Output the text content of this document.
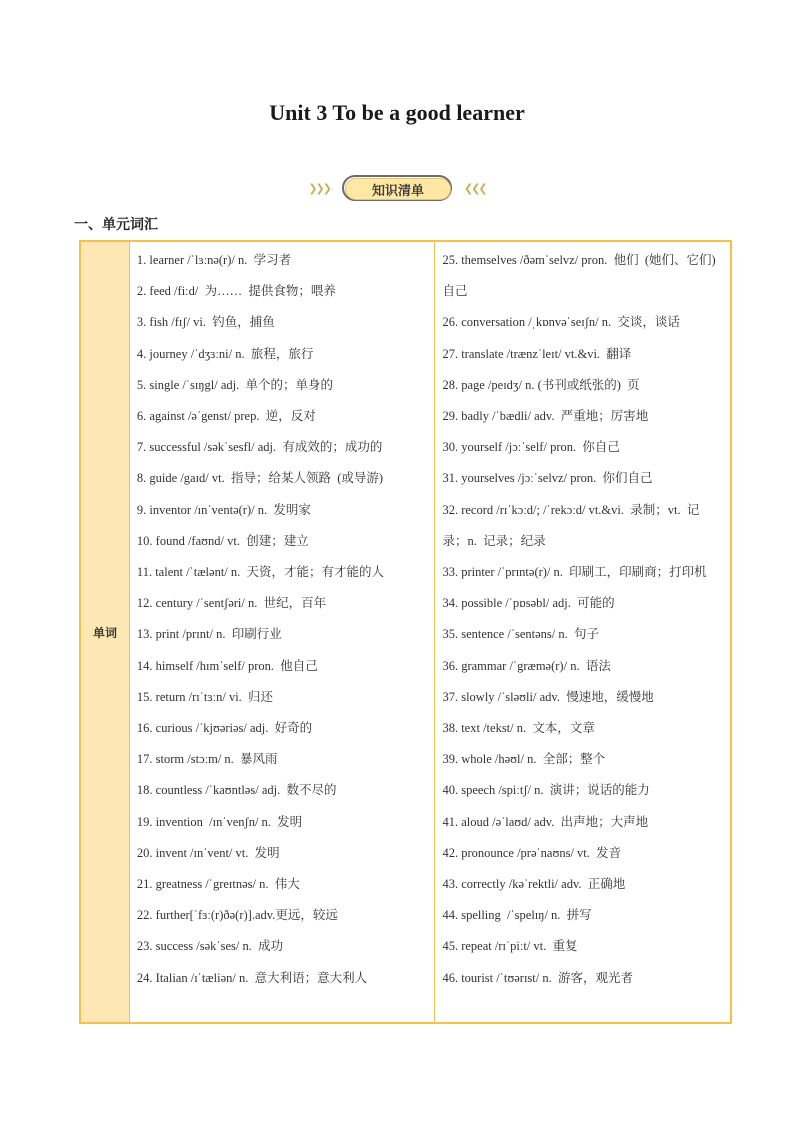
Unit 3 To be a good learner
❯❯❯	知识清单	❮❮❮
一、单元词汇
单词
1. learner /ˈlɜːnə(r)/ n.  学习者
2. feed /fiːd/  为……  提供食物；喂养
3. fish /fɪʃ/ vi.  钓鱼，捕鱼
4. journey /ˈdʒɜːni/ n.  旅程，旅行
5. single /ˈsɪŋgl/ adj.  单个的；单身的
6. against /əˈgenst/ prep.  逆，反对
7. successful /səkˈsesfl/ adj.  有成效的；成功的
8. guide /gaɪd/ vt.  指导；给某人领路  (或导游)
9. inventor /ɪnˈventə(r)/ n.  发明家
10. found /faʊnd/ vt.  创建；建立
11. talent /ˈtælənt/ n.  天资，才能；有才能的人
12. century /ˈsentʃəri/ n.  世纪，百年
13. print /prɪnt/ n.  印刷行业
14. himself /hɪmˈself/ pron.  他自己
15. return /rɪˈtɜːn/ vi.  归还
16. curious /ˈkjʊəriəs/ adj.  好奇的
17. storm /stɔːm/ n.  暴风雨
18. countless /ˈkaʊntləs/ adj.  数不尽的
19. invention  /ɪnˈvenʃn/ n.  发明
20. invent /ɪnˈvent/ vt.  发明
21. greatness /ˈgreɪtnəs/ n.  伟大
22. further[ˈfɜː(r)ðə(r)].adv.更远，较远
23. success /səkˈses/ n.  成功
24. Italian /ɪˈtæliən/ n.  意大利语；意大利人
25. themselves /ðəmˈselvz/ pron.  他们  (她们、它们)  自己
26. conversation /ˌkɒnvəˈseɪʃn/ n.  交谈，谈话
27. translate /trænzˈleɪt/ vt.&vi.  翻译
28. page /peɪdʒ/ n. (书刊或纸张的)  页
29. badly /ˈbædli/ adv.  严重地；厉害地
30. yourself /jɔːˈself/ pron.  你自己
31. yourselves /jɔːˈselvz/ pron.  你们自己
32. record /rɪˈkɔːd/; /ˈrekɔːd/ vt.&vi.  录制；vt.  记录；n.  记录；纪录
33. printer /ˈprɪntə(r)/ n.  印刷工，印刷商；打印机
34. possible /ˈpɒsəbl/ adj.  可能的
35. sentence /ˈsentəns/ n.  句子
36. grammar /ˈgræmə(r)/ n.  语法
37. slowly /ˈsləʊli/ adv.  慢速地，缓慢地
38. text /tekst/ n.  文本，文章
39. whole /həʊl/ n.  全部；整个
40. speech /spiːtʃ/ n.  演讲；说话的能力
41. aloud /əˈlaʊd/ adv.  出声地；大声地
42. pronounce /prəˈnaʊns/ vt.  发音
43. correctly /kəˈrektli/ adv.  正确地
44. spelling  /ˈspelɪŋ/ n.  拼写
45. repeat /rɪˈpiːt/ vt.  重复
46. tourist /ˈtʊərɪst/ n.  游客，观光者
